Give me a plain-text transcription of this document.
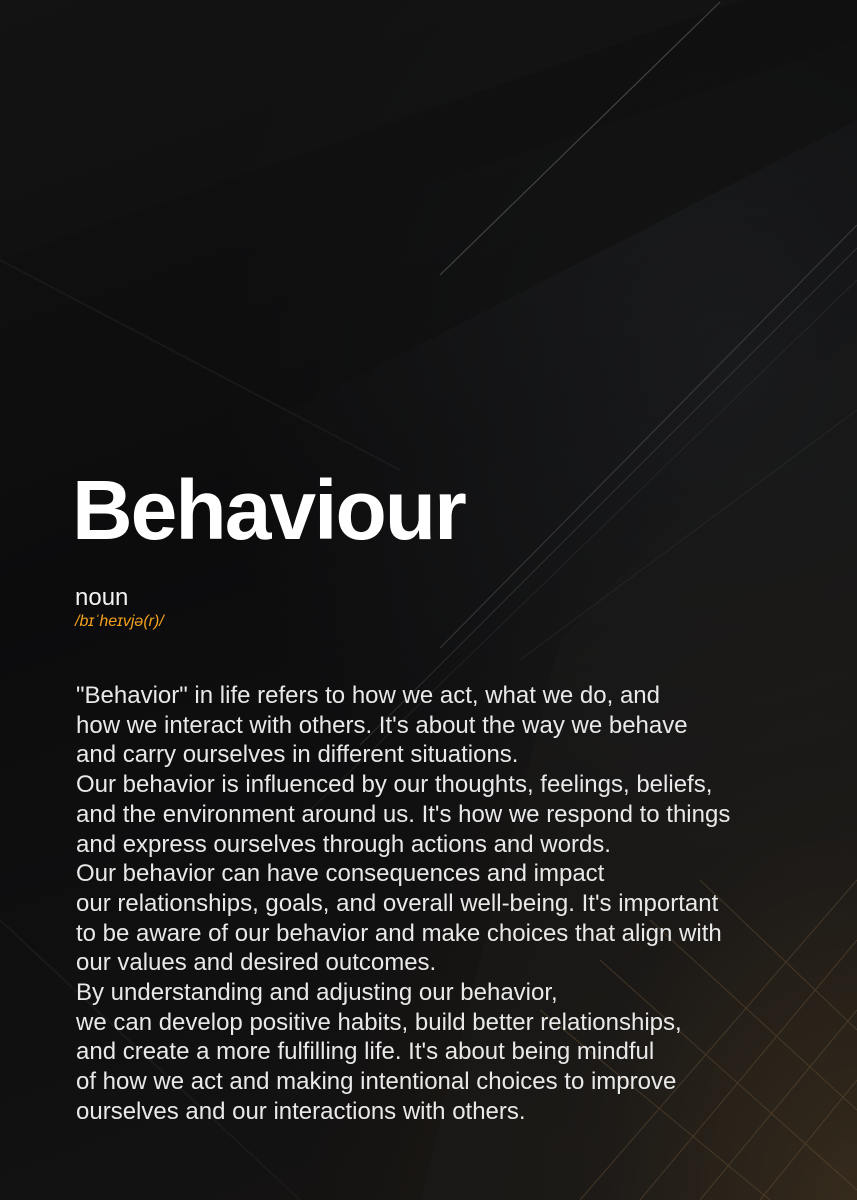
Behaviour
noun
/bɪˈheɪvjə(r)/
"Behavior" in life refers to how we act, what we do, and
how we interact with others. It's about the way we behave
and carry ourselves in different situations.
Our behavior is influenced by our thoughts, feelings, beliefs,
and the environment around us. It's how we respond to things
and express ourselves through actions and words.
Our behavior can have consequences and impact
our relationships, goals, and overall well-being. It's important
to be aware of our behavior and make choices that align with
our values and desired outcomes.
By understanding and adjusting our behavior,
we can develop positive habits, build better relationships,
and create a more fulfilling life. It's about being mindful
of how we act and making intentional choices to improve
ourselves and our interactions with others.
